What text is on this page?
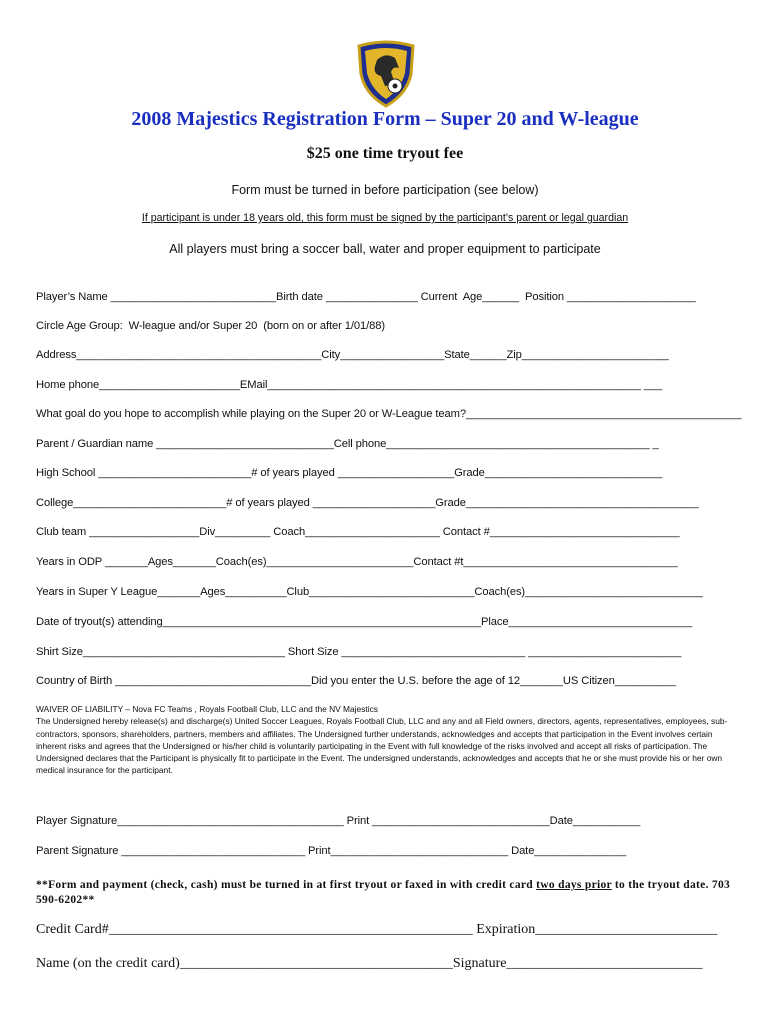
2008 Majestics Registration Form – Super 20 and W-league
$25 one time tryout fee
Form must be turned in before participation (see below)
If participant is under 18 years old, this form must be signed by the participant’s parent or legal guardian
All players must bring a soccer ball, water and proper equipment to participate
Player’s Name ___________________________Birth date _______________ Current  Age______  Position _____________________
Circle Age Group:  W-league and/or Super 20  (born on or after 1/01/88)
Address________________________________________City_________________State______Zip________________________
Home phone_______________________EMail_____________________________________________________________ ___
What goal do you hope to accomplish while playing on the Super 20 or W-League team?_____________________________________________
Parent / Guardian name _____________________________Cell phone___________________________________________ _
High School _________________________# of years played ___________________Grade_____________________________
College_________________________# of years played ____________________Grade______________________________________
Club team __________________Div_________ Coach______________________ Contact #_______________________________
Years in ODP _______Ages_______Coach(es)________________________Contact #t___________________________________
Years in Super Y League_______Ages__________Club___________________________Coach(es)_____________________________
Date of tryout(s) attending____________________________________________________Place______________________________
Shirt Size_________________________________ Short Size ______________________________ _________________________
Country of Birth ________________________________Did you enter the U.S. before the age of 12_______US Citizen__________

WAIVER OF LIABILITY – Nova FC Teams , Royals Football Club, LLC and the NV Majestics

The Undersigned hereby release(s) and discharge(s) United Soccer Leagues, Royals Football Club, LLC and any and all Field owners, directors, agents, representatives, employees, sub-contractors, sponsors, shareholders, partners, members and affiliates. The Undersigned further understands, acknowledges and accepts that participation in the Event involves certain inherent risks and agrees that the Undersigned or his/her child is voluntarily participating in the Event with full knowledge of the risks involved and accept all risks of participation. The Undersigned declares that the Participant is physically fit to participate in the Event. The undersigned understands, acknowledges and accepts that he or she must provide his or her own medical insurance for the participant.

Player Signature_____________________________________ Print _____________________________Date___________
Parent Signature ______________________________ Print_____________________________ Date_______________
**Form and payment (check, cash) must be turned in at first tryout or faxed in with credit card two days prior to the tryout date. 703 590-6202**
Credit Card#____________________________________________________ Expiration__________________________
Name (on the credit card)_______________________________________Signature____________________________
